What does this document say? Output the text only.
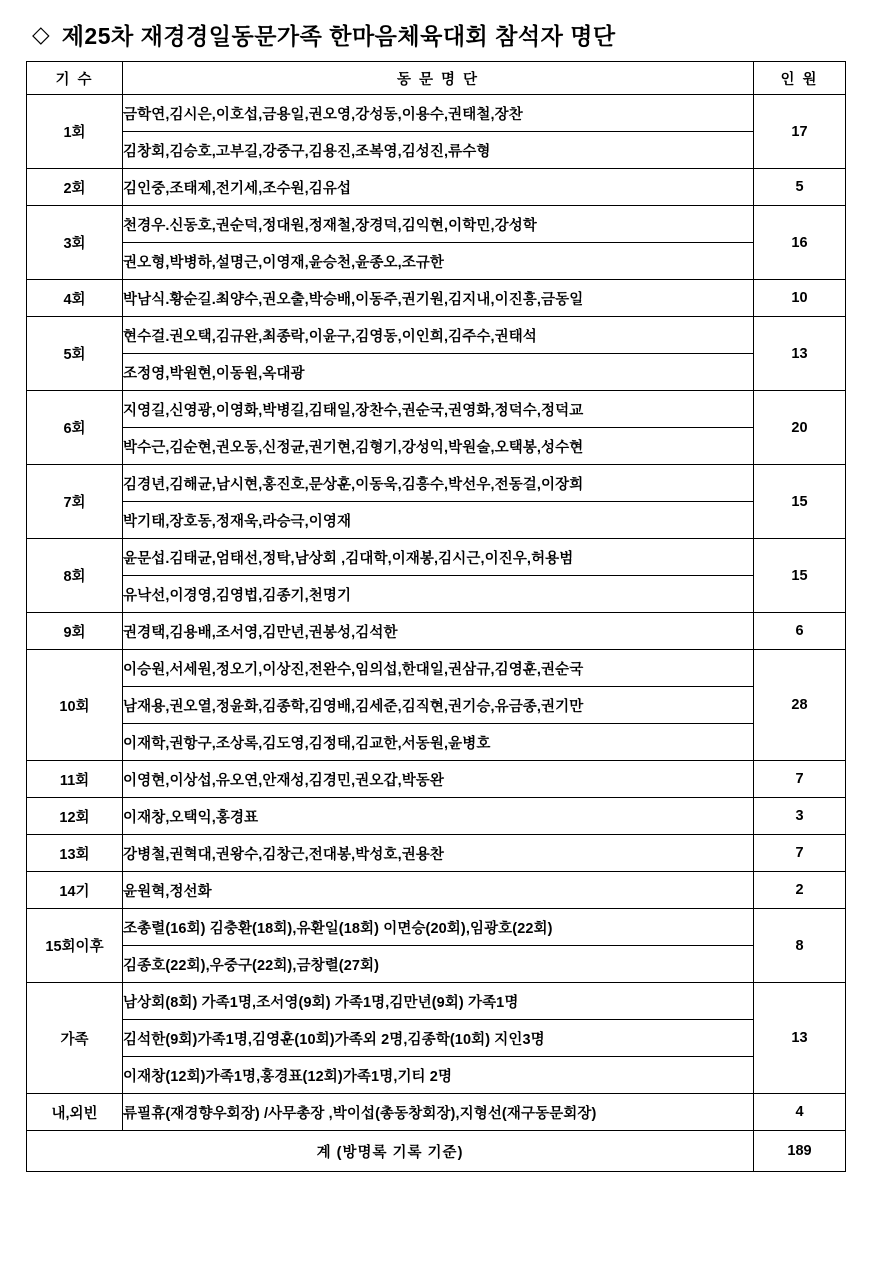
◇ 제25차 재경경일동문가족 한마음체육대회 참석자 명단
기 수	동 문 명 단	인 원
1회	금학연,김시은,이호섭,금용일,권오영,강성동,이용수,권태철,장찬	17
	김창회,김승호,고부길,강중구,김용진,조복영,김성진,류수형	
2회	김인중,조태제,전기세,조수원,김유섭	5
3회	천경우.신동호,권순덕,정대원,정재철,장경덕,김익현,이학민,강성학	16
	권오형,박병하,설명근,이영재,윤승천,윤종오,조규한	
4회	박남식.황순길.최양수,권오출,박승배,이동주,권기원,김지내,이진흥,금동일	10
5회	현수걸.권오택,김규완,최종락,이윤구,김영동,이인희,김주수,권태석	13
	조정영,박원현,이동원,옥대광	
6회	지영길,신영광,이영화,박병길,김태일,장찬수,권순국,권영화,정덕수,정덕교	20
	박수근,김순현,권오동,신정균,권기현,김형기,강성익,박원술,오택봉,성수현	
7회	김경년,김해균,남시현,홍진호,문상훈,이동욱,김흥수,박선우,전동걸,이장희	15
	박기태,장호동,정재욱,라승극,이영재	
8회	윤문섭.김태균,엄태선,정탁,남상회 ,김대학,이재봉,김시근,이진우,허용범	15
	유낙선,이경영,김영법,김종기,천명기	
9회	권경택,김용배,조서영,김만년,권봉성,김석한	6
10회	이승원,서세원,정오기,이상진,전완수,임의섭,한대일,권삼규,김영훈,권순국	28
	남재용,권오열,정윤화,김종학,김영배,김세준,김직현,권기승,유금종,권기만	
	이재학,권항구,조상록,김도영,김정태,김교한,서동원,윤병호	
11회	이영현,이상섭,유오연,안재성,김경민,권오갑,박동완	7
12회	이재창,오택익,홍경표	3
13회	강병철,권혁대,권왕수,김창근,전대봉,박성호,권용찬	7
14기	윤원혁,정선화	2
15회이후	조총렬(16회) 김충환(18회),유환일(18회) 이면승(20회),임광호(22회)	8
	김종호(22회),우중구(22회),금창렬(27회)	
가족	남상회(8회) 가족1명,조서영(9회) 가족1명,김만년(9회) 가족1명	13
	김석한(9회)가족1명,김영훈(10회)가족외 2명,김종학(10회) 지인3명	
	이재창(12회)가족1명,홍경표(12회)가족1명,기티 2명	
내,외빈	류필휴(재경향우회장) /사무총장 ,박이섭(총동창회장),지형선(재구동문회장)	4
계 (방명록 기록 기준)		189
